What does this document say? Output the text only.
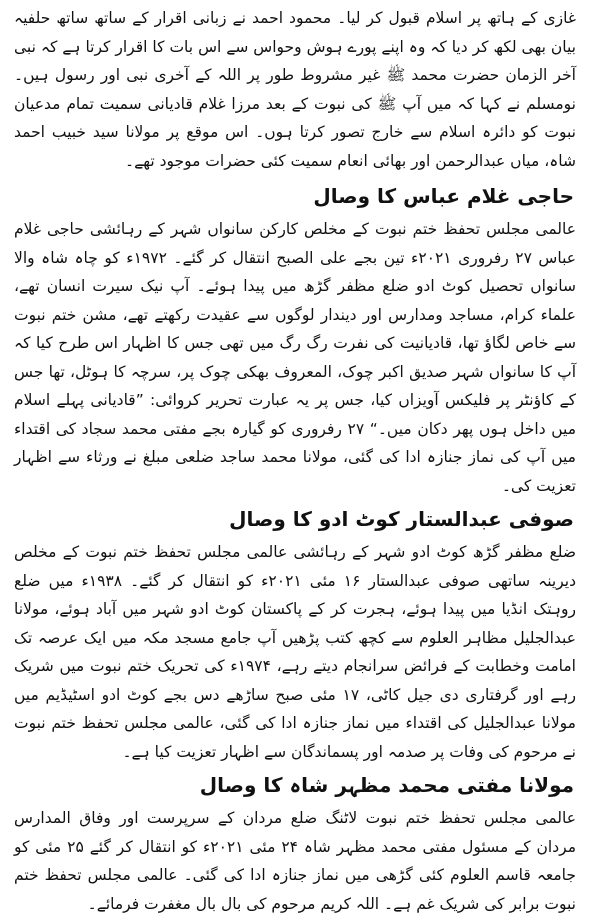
غازی کے ہاتھ پر اسلام قبول کر لیا۔ محمود احمد نے زبانی اقرار کے ساتھ ساتھ حلفیہ بیان بھی لکھ کر دیا کہ وہ اپنے پورے ہوش وحواس سے اس بات کا اقرار کرتا ہے کہ نبی آخر الزمان حضرت محمد ﷺ غیر مشروط طور پر اللہ کے آخری نبی اور رسول ہیں۔ نومسلم نے کہا کہ میں آپ ﷺ کی نبوت کے بعد مرزا غلام قادیانی سمیت تمام مدعیان نبوت کو دائرہ اسلام سے خارج تصور کرتا ہوں۔ اس موقع پر مولانا سید خبیب احمد شاہ، میاں عبدالرحمن اور بھائی انعام سمیت کئی حضرات موجود تھے۔

حاجی غلام عباس کا وصال

عالمی مجلس تحفظ ختم نبوت کے مخلص کارکن سانواں شہر کے رہائشی حاجی غلام عباس ۲۷ رفروری ۲۰۲۱ء تین بجے علی الصبح انتقال کر گئے۔ ۱۹۷۲ء کو چاہ شاہ والا سانواں تحصیل کوٹ ادو ضلع مظفر گڑھ میں پیدا ہوئے۔ آپ نیک سیرت انسان تھے، علماء کرام، مساجد ومدارس اور دیندار لوگوں سے عقیدت رکھتے تھے، مشن ختم نبوت سے خاص لگاؤ تھا، قادیانیت کی نفرت رگ رگ میں تھی جس کا اظہار اس طرح کیا کہ آپ کا سانواں شہر صدیق اکبر چوک، المعروف بھکی چوک پر، سرچہ کا ہوٹل، تھا جس کے کاؤنٹر پر فلیکس آویزاں کیا، جس پر یہ عبارت تحریر کروائی: ”قادیانی پہلے اسلام میں داخل ہوں پھر دکان میں۔“ ۲۷ رفروری کو گیارہ بجے مفتی محمد سجاد کی اقتداء میں آپ کی نماز جنازہ ادا کی گئی، مولانا محمد ساجد ضلعی مبلغ نے ورثاء سے اظہار تعزیت کی۔

صوفی عبدالستار کوٹ ادو کا وصال

ضلع مظفر گڑھ کوٹ ادو شہر کے رہائشی عالمی مجلس تحفظ ختم نبوت کے مخلص دیرینہ ساتھی صوفی عبدالستار ۱۶ مئی ۲۰۲۱ء کو انتقال کر گئے۔ ۱۹۳۸ء میں ضلع روہتک انڈیا میں پیدا ہوئے، ہجرت کر کے پاکستان کوٹ ادو شہر میں آباد ہوئے، مولانا عبدالجلیل مظاہر العلوم سے کچھ کتب پڑھیں آپ جامع مسجد مکہ میں ایک عرصہ تک امامت وخطابت کے فرائض سرانجام دیتے رہے، ۱۹۷۴ء کی تحریک ختم نبوت میں شریک رہے اور گرفتاری دی جیل کاٹی، ۱۷ مئی صبح ساڑھے دس بجے کوٹ ادو اسٹیڈیم میں مولانا عبدالجلیل کی اقتداء میں نماز جنازہ ادا کی گئی، عالمی مجلس تحفظ ختم نبوت نے مرحوم کی وفات پر صدمہ اور پسماندگان سے اظہار تعزیت کیا ہے۔

مولانا مفتی محمد مظہر شاہ کا وصال

عالمی مجلس تحفظ ختم نبوت لاٹنگ ضلع مردان کے سرپرست اور وفاق المدارس مردان کے مسئول مفتی محمد مظہر شاہ ۲۴ مئی ۲۰۲۱ء کو انتقال کر گئے ۲۵ مئی کو جامعہ قاسم العلوم کئی گڑھی میں نماز جنازہ ادا کی گئی۔ عالمی مجلس تحفظ ختم نبوت برابر کی شریک غم ہے۔ اللہ کریم مرحوم کی بال بال مغفرت فرمائے۔
